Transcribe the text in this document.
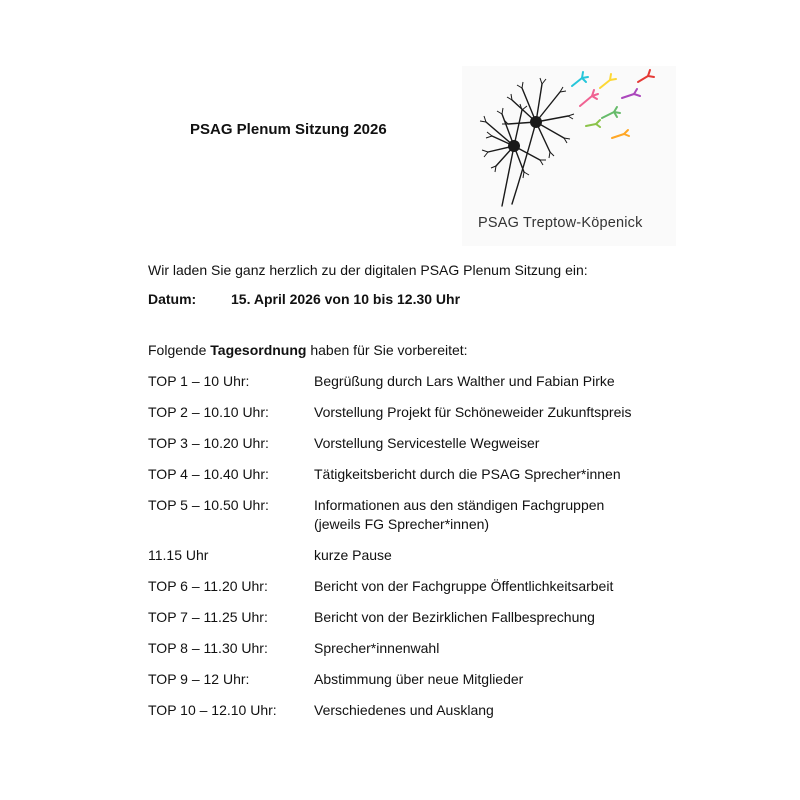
PSAG Plenum Sitzung 2026
PSAG Treptow-Köpenick
Wir laden Sie ganz herzlich zu der digitalen PSAG Plenum Sitzung ein:
Datum: 15. April 2026 von 10 bis 12.30 Uhr
Folgende Tagesordnung haben für Sie vorbereitet:
TOP 1 – 10 Uhr:	Begrüßung durch Lars Walther und Fabian Pirke
TOP 2 – 10.10 Uhr:	Vorstellung Projekt für Schöneweider Zukunftspreis
TOP 3 – 10.20 Uhr:	Vorstellung Servicestelle Wegweiser
TOP 4 – 10.40 Uhr:	Tätigkeitsbericht durch die PSAG Sprecher*innen
TOP 5 – 10.50 Uhr:	Informationen aus den ständigen Fachgruppen
(jeweils FG Sprecher*innen)
11.15 Uhr	kurze Pause
TOP 6 – 11.20 Uhr:	Bericht von der Fachgruppe Öffentlichkeitsarbeit
TOP 7 – 11.25 Uhr:	Bericht von der Bezirklichen Fallbesprechung
TOP 8 – 11.30 Uhr:	Sprecher*innenwahl
TOP 9 – 12 Uhr:	Abstimmung über neue Mitglieder
TOP 10 – 12.10 Uhr:	Verschiedenes und Ausklang
